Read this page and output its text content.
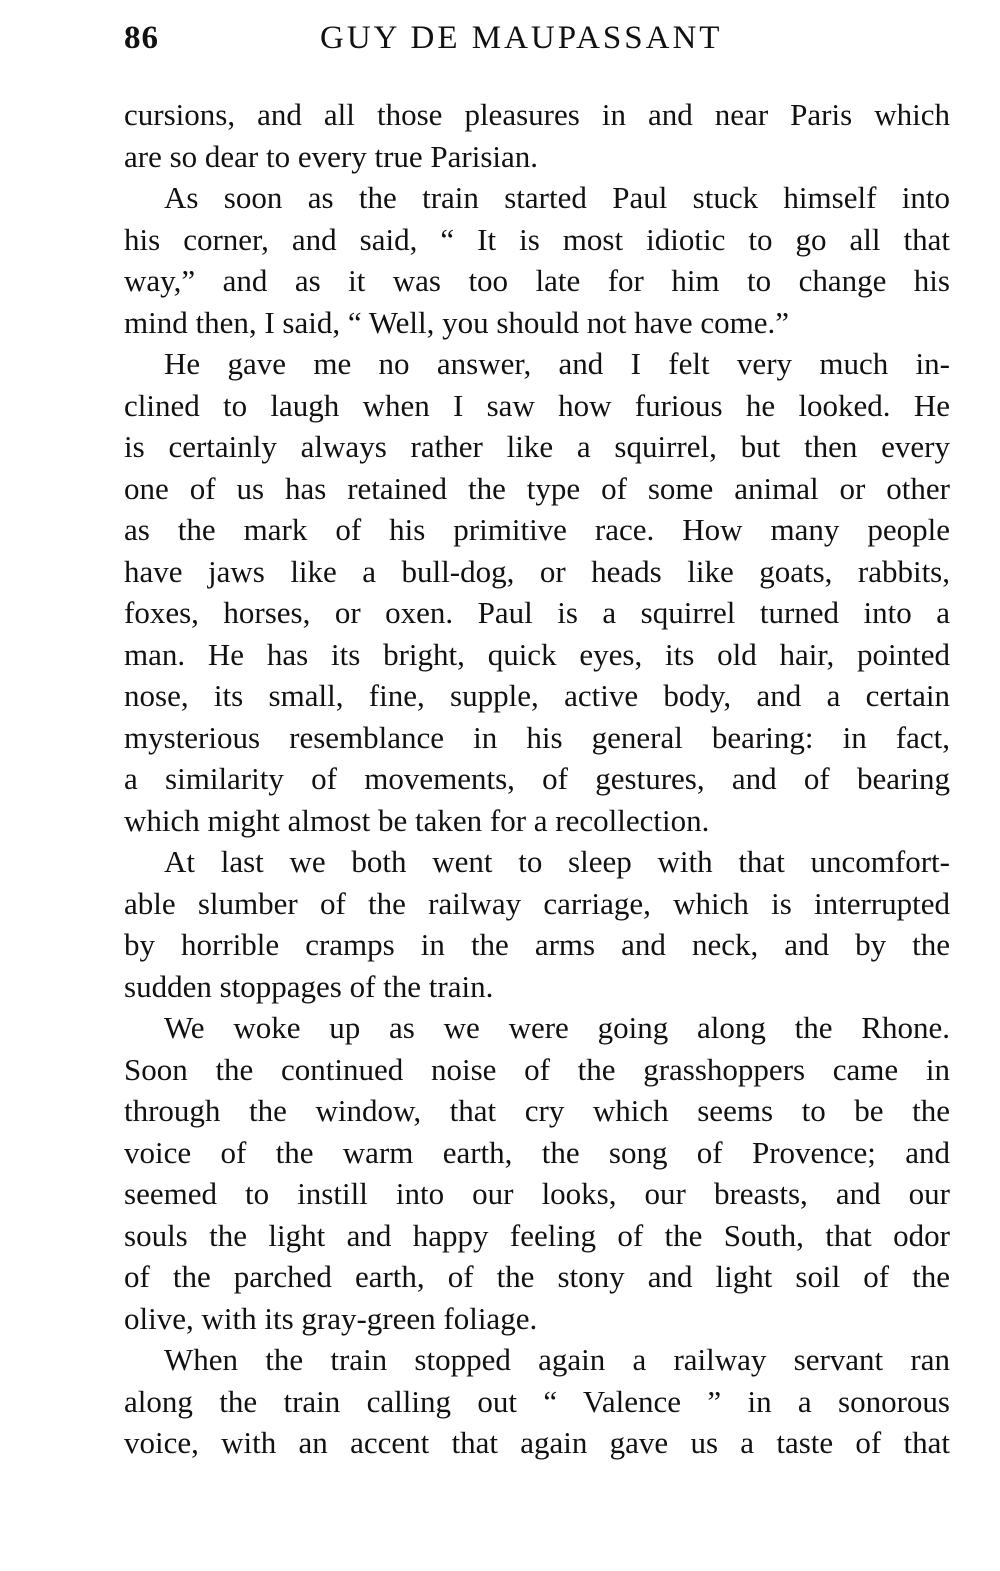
86	GUY DE MAUPASSANT
cursions, and all those pleasures in and near Paris which
are so dear to every true Parisian.
As soon as the train started Paul stuck himself into
his corner, and said, “ It is most idiotic to go all that
way,” and as it was too late for him to change his
mind then, I said, “ Well, you should not have come.”
He gave me no answer, and I felt very much in-
clined to laugh when I saw how furious he looked. He
is certainly always rather like a squirrel, but then every
one of us has retained the type of some animal or other
as the mark of his primitive race. How many people
have jaws like a bull-dog, or heads like goats, rabbits,
foxes, horses, or oxen. Paul is a squirrel turned into a
man. He has its bright, quick eyes, its old hair, pointed
nose, its small, fine, supple, active body, and a certain
mysterious resemblance in his general bearing: in fact,
a similarity of movements, of gestures, and of bearing
which might almost be taken for a recollection.
At last we both went to sleep with that uncomfort-
able slumber of the railway carriage, which is interrupted
by horrible cramps in the arms and neck, and by the
sudden stoppages of the train.
We woke up as we were going along the Rhone.
Soon the continued noise of the grasshoppers came in
through the window, that cry which seems to be the
voice of the warm earth, the song of Provence; and
seemed to instill into our looks, our breasts, and our
souls the light and happy feeling of the South, that odor
of the parched earth, of the stony and light soil of the
olive, with its gray-green foliage.
When the train stopped again a railway servant ran
along the train calling out “ Valence ” in a sonorous
voice, with an accent that again gave us a taste of that
